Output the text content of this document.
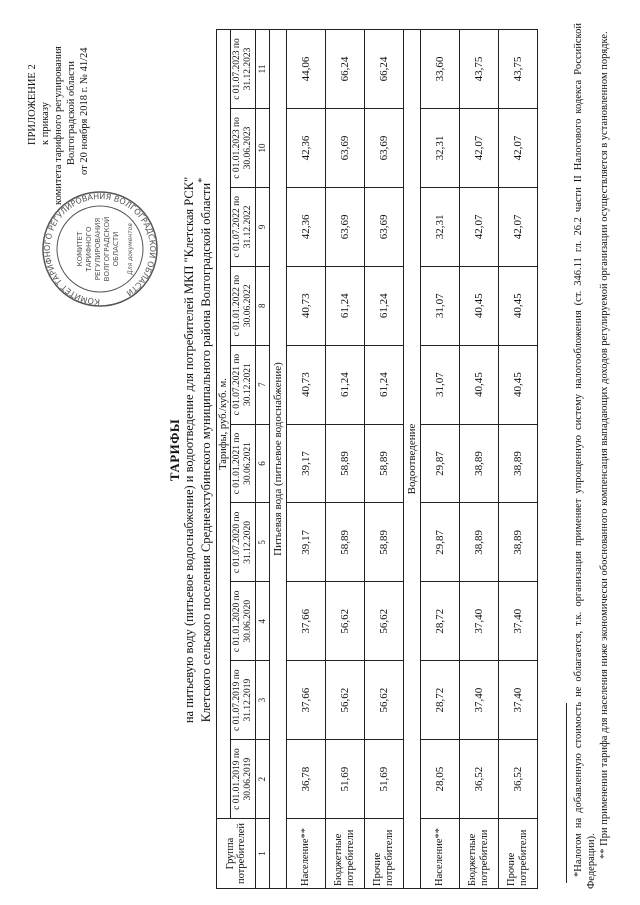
ПРИЛОЖЕНИЕ 2 к приказу комитета тарифного регулирования Волгоградской области от 20 ноября 2018 г. № 41/24
КОМИТЕТ ТАРИФНОГО РЕГУЛИРОВАНИЯ ВОЛГОГРАДСКОЙ ОБЛАСТИ
КОМИТЕТ ТАРИФНОГО РЕГУЛИРОВАНИЯ ВОЛГОГРАДСКОЙ ОБЛАСТИ Для документов
ТАРИФЫ на питьевую воду (питьевое водоснабжение) и водоотведение для потребителей МКП "Клетская РСК" Клетского сельского поселения Среднеахтубинского муниципального района Волгоградской области*
Группа потребителей	Тарифы, руб./куб. м.									
	с 01.01.2019 по 30.06.2019	с 01.07.2019 по 31.12.2019	с 01.01.2020 по 30.06.2020	с 01.07.2020 по 31.12.2020	с 01.01.2021 по 30.06.2021	с 01.07.2021 по 30.12.2021	с 01.01.2022 по 30.06.2022	с 01.07.2022 по 31.12.2022	с 01.01.2023 по 30.06.2023	с 01.07.2023 по 31.12.2023
1	2	3	4	5	6	7	8	9	10	11
Питьевая вода (питьевое водоснабжение)										
Население**	36,78	37,66	37,66	39,17	39,17	40,73	40,73	42,36	42,36	44,06
Бюджетные потребители	51,69	56,62	56,62	58,89	58,89	61,24	61,24	63,69	63,69	66,24
Прочие потребители	51,69	56,62	56,62	58,89	58,89	61,24	61,24	63,69	63,69	66,24
Водоотведение										
Население**	28,05	28,72	28,72	29,87	29,87	31,07	31,07	32,31	32,31	33,60
Бюджетные потребители	36,52	37,40	37,40	38,89	38,89	40,45	40,45	42,07	42,07	43,75
Прочие потребители	36,52	37,40	37,40	38,89	38,89	40,45	40,45	42,07	42,07	43,75	*Налогом на добавленную стоимость не облагается, т.к. организация применяет упрощенную систему налогообложения (ст. 346.11 гл. 26.2 части II Налогового кодекса Российской Федерации).

** При применении тарифа для населения ниже экономически обоснованного компенсация выпадающих доходов регулируемой организации осуществляется в установленном порядке.
